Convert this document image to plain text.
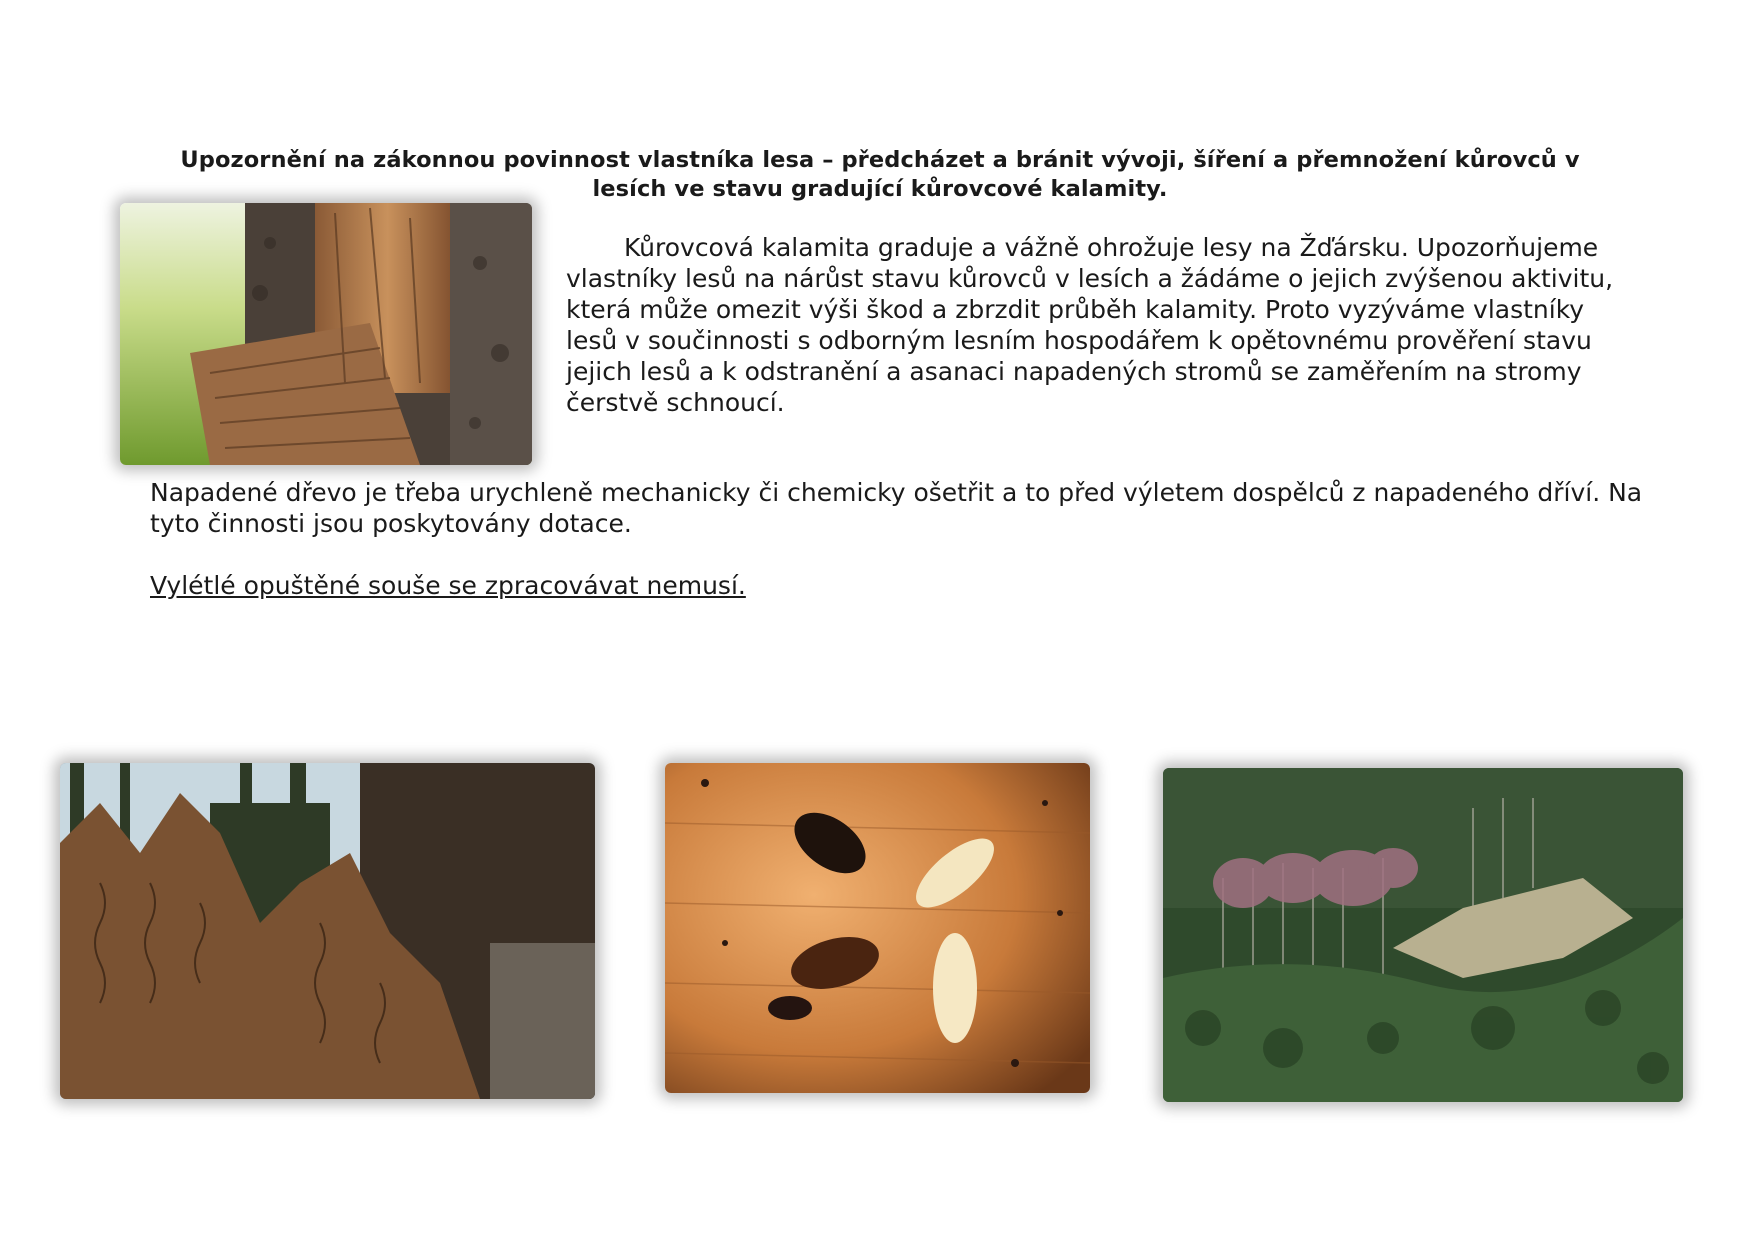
Upozornění na zákonnou povinnost vlastníka lesa – předcházet a bránit vývoji, šíření a přemnožení kůrovců v lesích ve stavu gradující kůrovcové kalamity.

Kůrovcová kalamita graduje a vážně ohrožuje lesy na Žďársku. Upozorňujeme vlastníky lesů na nárůst stavu kůrovců v lesích a žádáme o jejich zvýšenou aktivitu, která může omezit výši škod a zbrzdit průběh kalamity. Proto vyzýváme vlastníky lesů v součinnosti s odborným lesním hospodářem k opětovnému prověření stavu jejich lesů a k odstranění a asanaci napadených stromů se zaměřením na stromy čerstvě schnoucí.

Napadené dřevo je třeba urychleně mechanicky či chemicky ošetřit a to před výletem dospělců z napadeného dříví. Na tyto činnosti jsou poskytovány dotace.

Vylétlé opuštěné souše se zpracovávat nemusí.
